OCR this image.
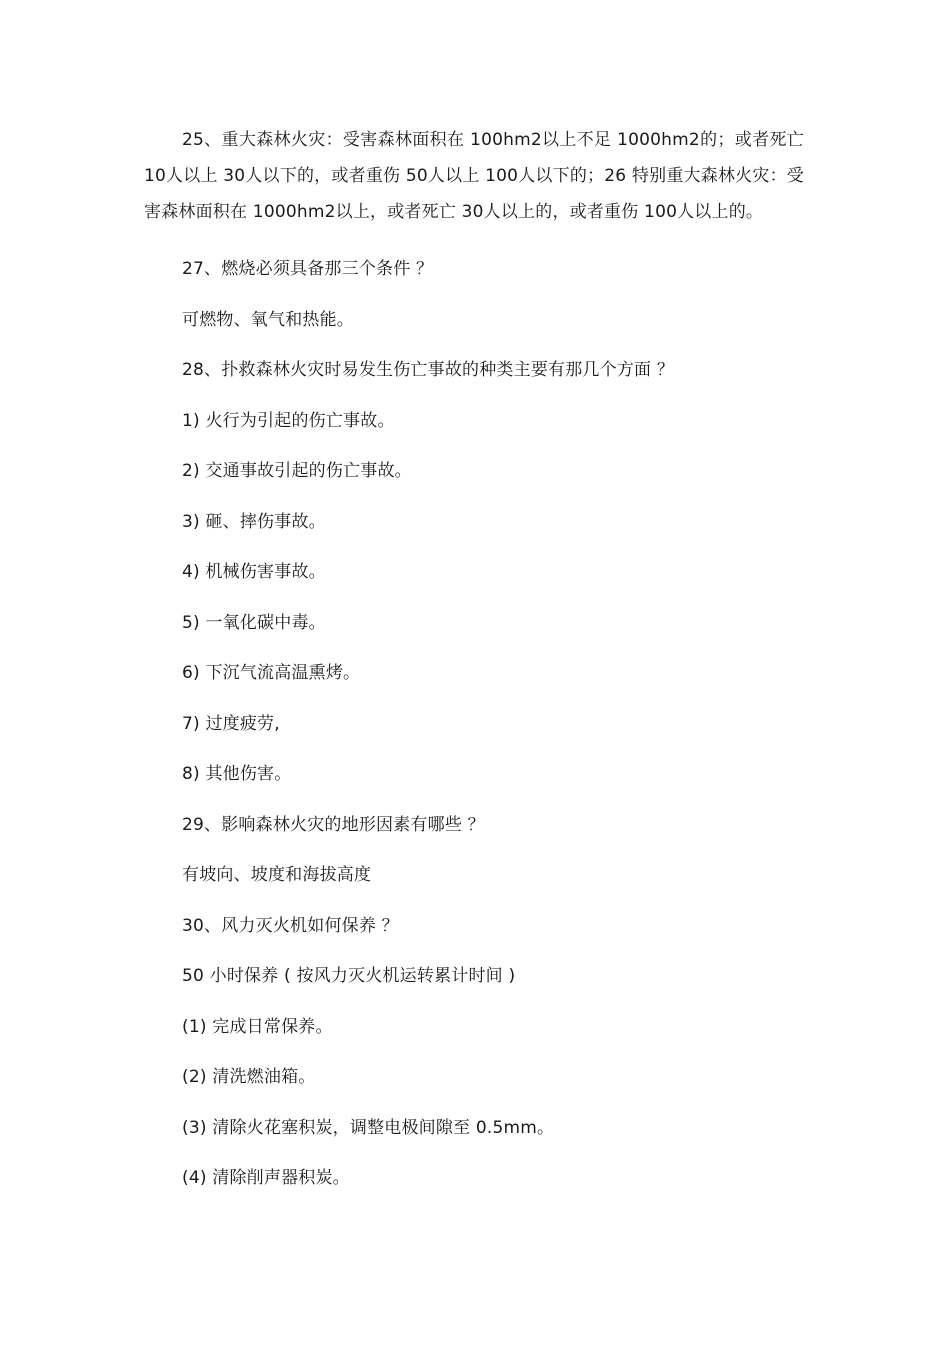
25、重大森林火灾：受害森林面积在 100hm2以上不足 1000hm2的；或者死亡10人以上 30人以下的，或者重伤 50人以上 100人以下的；26 特别重大森林火灾：受害森林面积在 1000hm2以上，或者死亡 30人以上的，或者重伤 100人以上的。

27、燃烧必须具备那三个条件 ？

可燃物、氧气和热能。

28、扑救森林火灾时易发生伤亡事故的种类主要有那几个方面 ？

1) 火行为引起的伤亡事故。

2) 交通事故引起的伤亡事故。

3) 砸、摔伤事故。

4) 机械伤害事故。

5) 一氧化碳中毒。

6) 下沉气流高温熏烤。

7) 过度疲劳,

8) 其他伤害。

29、影响森林火灾的地形因素有哪些 ？

有坡向、坡度和海拔高度

30、风力灭火机如何保养 ？

50 小时保养 ( 按风力灭火机运转累计时间 )

(1) 完成日常保养。

(2) 清洗燃油箱。

(3) 清除火花塞积炭，调整电极间隙至 0.5mm。

(4) 清除削声器积炭。
